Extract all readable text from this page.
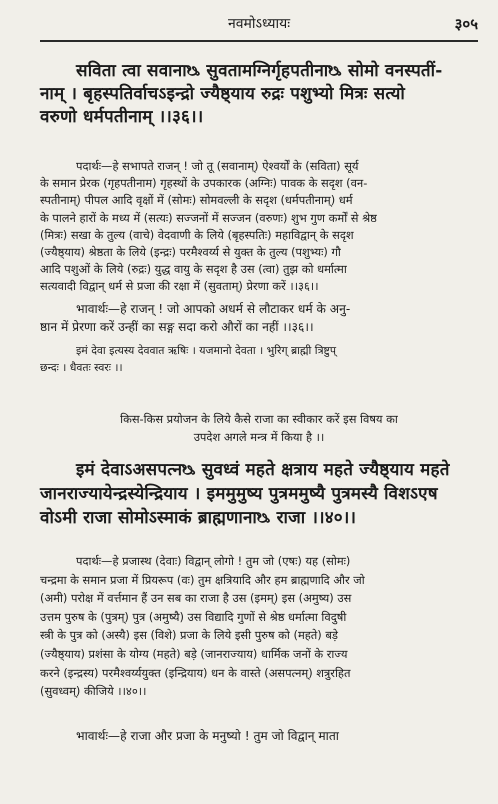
नवमोऽध्यायः	३०५

सविता त्वा सवानाᳬ सुवतामग्निर्गृहपतीनाᳬ सोमो वनस्पतीं-

नाम् । बृहस्पतिर्वाचऽइन्द्रो ज्यैष्ठ्याय रुद्रः पशुभ्यो मित्रः सत्यो

वरुणो धर्मपतीनाम् ।।३६।।

पदार्थः—हे सभापते राजन् ! जो तू (सवानाम्) ऐश्वर्यों के (सविता) सूर्य

के समान प्रेरक (गृहपतीनाम) गृहस्थों के उपकारक (अग्निः) पावक के सदृश (वन-

स्पतीनाम्) पीपल आदि वृक्षों में (सोमः) सोमवल्ली के सदृश (धर्मपतीनाम्) धर्म

के पालने हारों के मध्य में (सत्यः) सज्जनों में सज्जन (वरुणः) शुभ गुण कर्मों से श्रेष्ठ

(मित्रः) सखा के तुल्य (वाचे) वेदवाणी के लिये (बृहस्पतिः) महाविद्वान् के सदृश

(ज्यैष्ठ्याय) श्रेष्ठता के लिये (इन्द्रः) परमैश्वर्य्य से युक्त के तुल्य (पशुभ्यः) गौ

आदि पशुओं के लिये (रुद्रः) युद्ध वायु के सदृश है उस (त्वा) तुझ को धर्मात्मा

सत्यवादी विद्वान् धर्म से प्रजा की रक्षा में (सुवताम्) प्रेरणा करें ।।३६।।

भावार्थः—हे राजन् ! जो आपको अधर्म से लौटाकर धर्म के अनु-

ष्ठान में प्रेरणा करें उन्हीं का सङ्ग सदा करो औरों का नहीं ।।३६।।

इमं देवा इत्यस्य देववात ऋषिः । यजमानो देवता । भुरिग् ब्राह्मी त्रिष्टुप्

छन्दः । धैवतः स्वरः ।।

किस-किस प्रयोजन के लिये कैसे राजा का स्वीकार करें इस विषय का
उपदेश अगले मन्त्र में किया है ।।

इमं देवाऽअसपत्नᳬ सुवध्वं महते क्षत्राय महते ज्यैष्ठ्याय महते

जानराज्यायेन्द्रस्येन्द्रियाय । इममुमुष्य पुत्रममुष्यै पुत्रमस्यै विशऽएष

वोऽमी राजा सोमोऽस्माकं ब्राह्मणानाᳬ राजा ।।४०।।

पदार्थः—हे प्रजास्थ (देवाः) विद्वान् लोगो ! तुम जो (एषः) यह (सोमः)

चन्द्रमा के समान प्रजा में प्रियरूप (वः) तुम क्षत्रियादि और हम ब्राह्मणादि और जो

(अमी) परोक्ष में वर्त्तमान हैं उन सब का राजा है उस (इमम्) इस (अमुष्य) उस

उत्तम पुरुष के (पुत्रम्) पुत्र (अमुष्यै) उस विद्यादि गुणों से श्रेष्ठ धर्मात्मा विदुषी

स्त्री के पुत्र को (अस्यै) इस (विशे) प्रजा के लिये इसी पुरुष को (महते) बड़े

(ज्यैष्ठ्याय) प्रशंसा के योग्य (महते) बड़े (जानराज्याय) धार्मिक जनों के राज्य

करने (इन्द्रस्य) परमैश्वर्य्ययुक्त (इन्द्रियाय) धन के वास्ते (असपत्नम्) शत्रुरहित

(सुवध्वम्) कीजिये ।।४०।।

भावार्थः—हे राजा और प्रजा के मनुष्यो ! तुम जो विद्वान् माता
